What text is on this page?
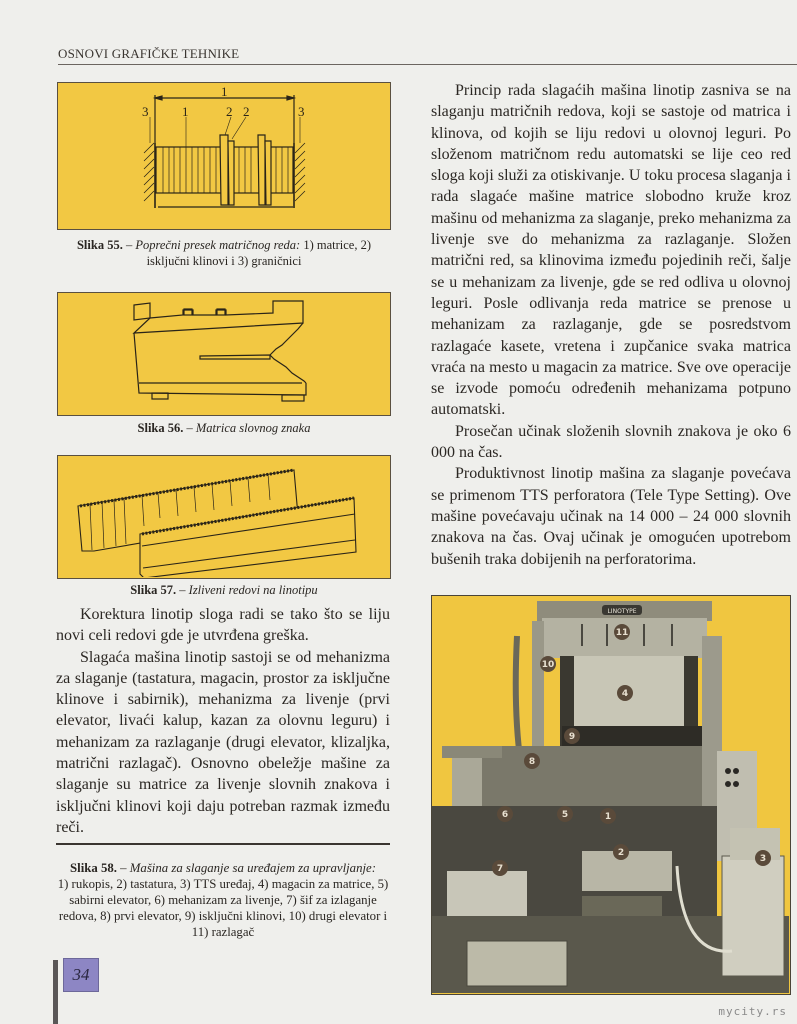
OSNOVI GRAFIČKE TEHNIKE
1
3	1	2 2	3
Slika 55. – Poprečni presek matričnog reda: 1) matrice, 2) isključni klinovi i 3) graničnici
Slika 56. – Matrica slovnog znaka
Slika 57. – Izliveni redovi na linotipu

Korektura linotip sloga radi se tako što se liju novi celi redovi gde je utvrđena greška.

Slagaća mašina linotip sastoji se od mehanizma za slaganje (tastatura, magacin, prostor za isključne klinove i sabirnik), mehanizma za livenje (prvi elevator, livaći kalup, kazan za olovnu leguru) i mehanizam za razlaganje (drugi elevator, klizaljka, matrični razlagač). Osnovno obeležje mašine za slaganje su matrice za livenje slovnih znakova i isključni klinovi koji daju potreban razmak između reči.

Slika 58. – Mašina za slaganje sa uređajem za upravljanje:
1) rukopis, 2) tastatura, 3) TTS uređaj, 4) magacin za matrice, 5) sabirni elevator, 6) mehanizam za livenje, 7) šif za izlaganje redova, 8) prvi elevator, 9) isključni klinovi, 10) drugi elevator i 11) razlagač

Princip rada slagaćih mašina linotip zasniva se na slaganju matričnih redova, koji se sastoje od matrica i klinova, od kojih se liju redovi u olovnoj leguri. Po složenom matričnom redu automatski se lije ceo red sloga koji služi za otiskivanje. U toku procesa slaganja i rada slagaće mašine matrice slobodno kruže kroz mašinu od mehanizma za slaganje, preko mehanizma za livenje sve do mehanizma za razlaganje. Složen matrični red, sa klinovima između pojedinih reči, šalje se u mehanizam za livenje, gde se red odliva u olovnoj leguri. Posle odlivanja reda matrice se prenose u mehanizam za razlaganje, gde se posredstvom razlagaće kasete, vretena i zupčanice svaka matrica vraća na mesto u magacin za matrice. Sve ove operacije se izvode pomoću određenih mehanizama potpuno automatski.

Prosečan učinak složenih slovnih znakova je oko 6 000 na čas.

Produktivnost linotip mašina za slaganje povećava se primenom TTS perforatora (Tele Type Setting). Ove mašine povećavaju učinak na 14 000 – 24 000 slovnih znakova na čas. Ovaj učinak je omogućen upotrebom bušenih traka dobijenih na perforatorima.

LINOTYPE
11
10
4
9
8
6	5	1
2
7
3
34
mycity.rs
